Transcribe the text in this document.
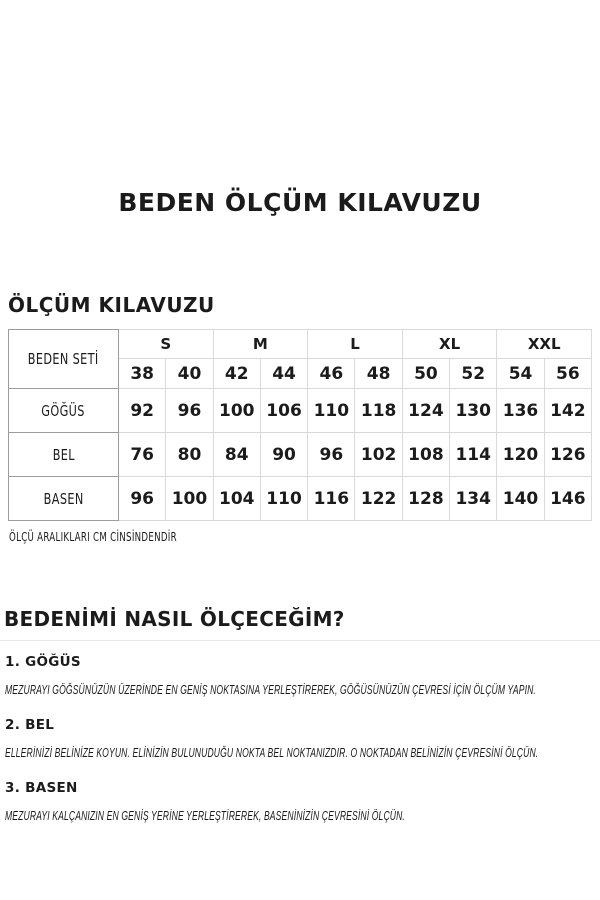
BEDEN ÖLÇÜM KILAVUZU
ÖLÇÜM KILAVUZU
BEDEN SETİ	S		M		L		XL		XXL	
	38	40	42	44	46	48	50	52	54	56
GÖĞÜS	92	96	100	106	110	118	124	130	136	142
BEL	76	80	84	90	96	102	108	114	120	126
BASEN	96	100	104	110	116	122	128	134	140	146

ÖLÇÜ ARALIKLARI CM CİNSİNDENDİR

BEDENİMİ NASIL ÖLÇECEĞİM?
1. GÖĞÜS

MEZURAYI GÖĞSÜNÜZÜN ÜZERİNDE EN GENİŞ NOKTASINA YERLEŞTİREREK, GÖĞÜSÜNÜZÜN ÇEVRESİ İÇİN ÖLÇÜM YAPIN.

2. BEL

ELLERİNİZİ BELİNİZE KOYUN. ELİNİZİN BULUNUDUĞU NOKTA BEL NOKTANIZDIR. O NOKTADAN BELİNİZİN ÇEVRESİNİ ÖLÇÜN.

3. BASEN

MEZURAYI KALÇANIZIN EN GENİŞ YERİNE YERLEŞTİREREK, BASENİNİZİN ÇEVRESİNİ ÖLÇÜN.
